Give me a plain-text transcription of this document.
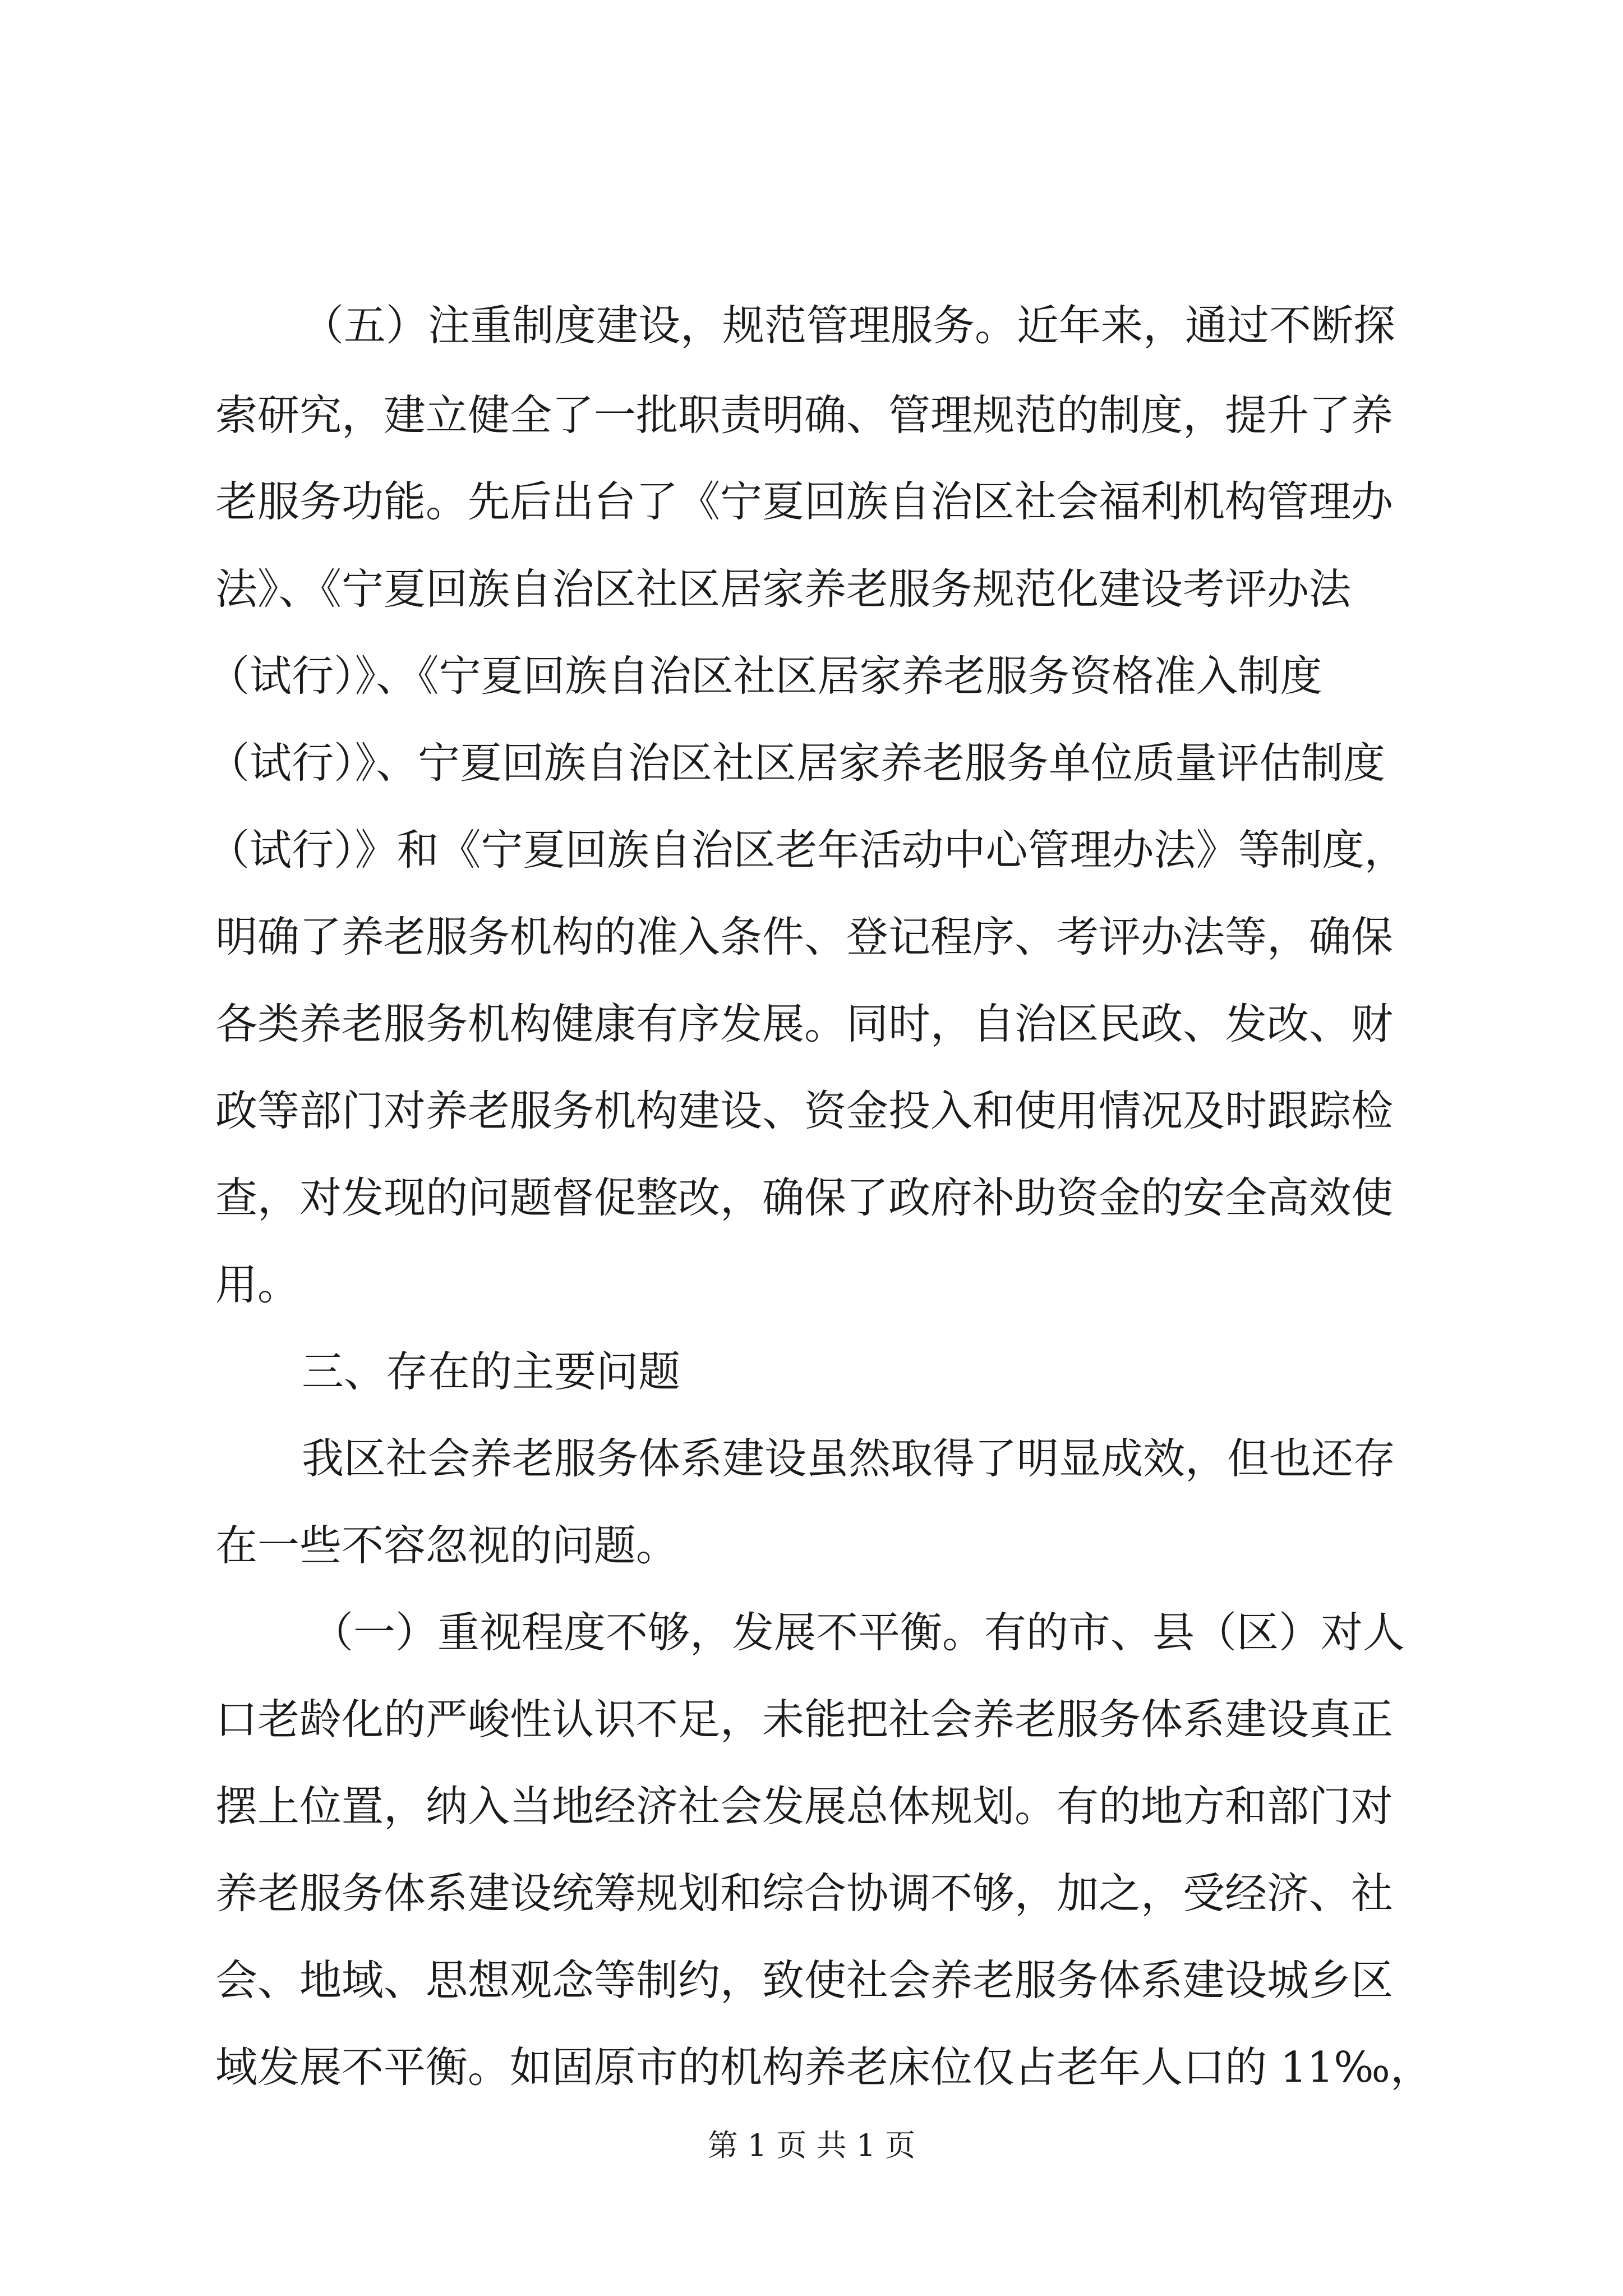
（五）注重制度建设，规范管理服务。近年来，通过不断探
索研究，建立健全了一批职责明确、管理规范的制度，提升了养
老服务功能。先后出台了《宁夏回族自治区社会福利机构管理办
法》、《宁夏回族自治区社区居家养老服务规范化建设考评办法
（试行）》、《宁夏回族自治区社区居家养老服务资格准入制度
（试行）》、宁夏回族自治区社区居家养老服务单位质量评估制度
（试行）》和《宁夏回族自治区老年活动中心管理办法》等制度，
明确了养老服务机构的准入条件、登记程序、考评办法等，确保
各类养老服务机构健康有序发展。同时，自治区民政、发改、财
政等部门对养老服务机构建设、资金投入和使用情况及时跟踪检
查，对发现的问题督促整改，确保了政府补助资金的安全高效使
用。
三、存在的主要问题
我区社会养老服务体系建设虽然取得了明显成效，但也还存
在一些不容忽视的问题。
（一）重视程度不够，发展不平衡。有的市、县（区）对人
口老龄化的严峻性认识不足，未能把社会养老服务体系建设真正
摆上位置，纳入当地经济社会发展总体规划。有的地方和部门对
养老服务体系建设统筹规划和综合协调不够，加之，受经济、社
会、地域、思想观念等制约，致使社会养老服务体系建设城乡区
域发展不平衡。如固原市的机构养老床位仅占老年人口的 11‰，
第 1 页 共 1 页
